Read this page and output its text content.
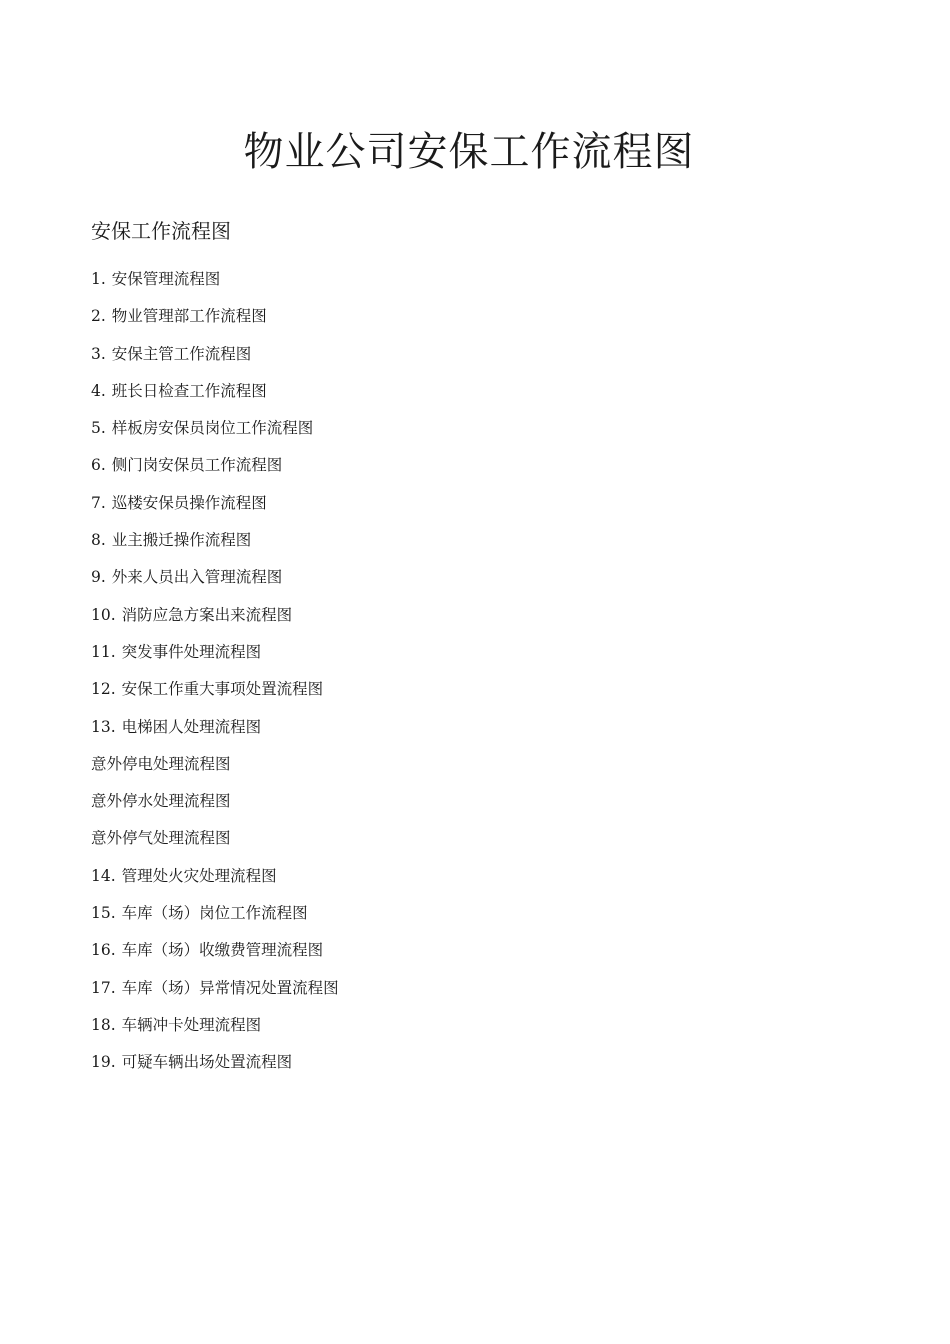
物业公司安保工作流程图
安保工作流程图
1. 安保管理流程图
2. 物业管理部工作流程图
3. 安保主管工作流程图
4. 班长日检查工作流程图
5. 样板房安保员岗位工作流程图
6. 侧门岗安保员工作流程图
7. 巡楼安保员操作流程图
8. 业主搬迁操作流程图
9. 外来人员出入管理流程图
10. 消防应急方案出来流程图
11. 突发事件处理流程图
12. 安保工作重大事项处置流程图
13. 电梯困人处理流程图
意外停电处理流程图
意外停水处理流程图
意外停气处理流程图
14. 管理处火灾处理流程图
15. 车库（场）岗位工作流程图
16. 车库（场）收缴费管理流程图
17. 车库（场）异常情况处置流程图
18. 车辆冲卡处理流程图
19. 可疑车辆出场处置流程图
